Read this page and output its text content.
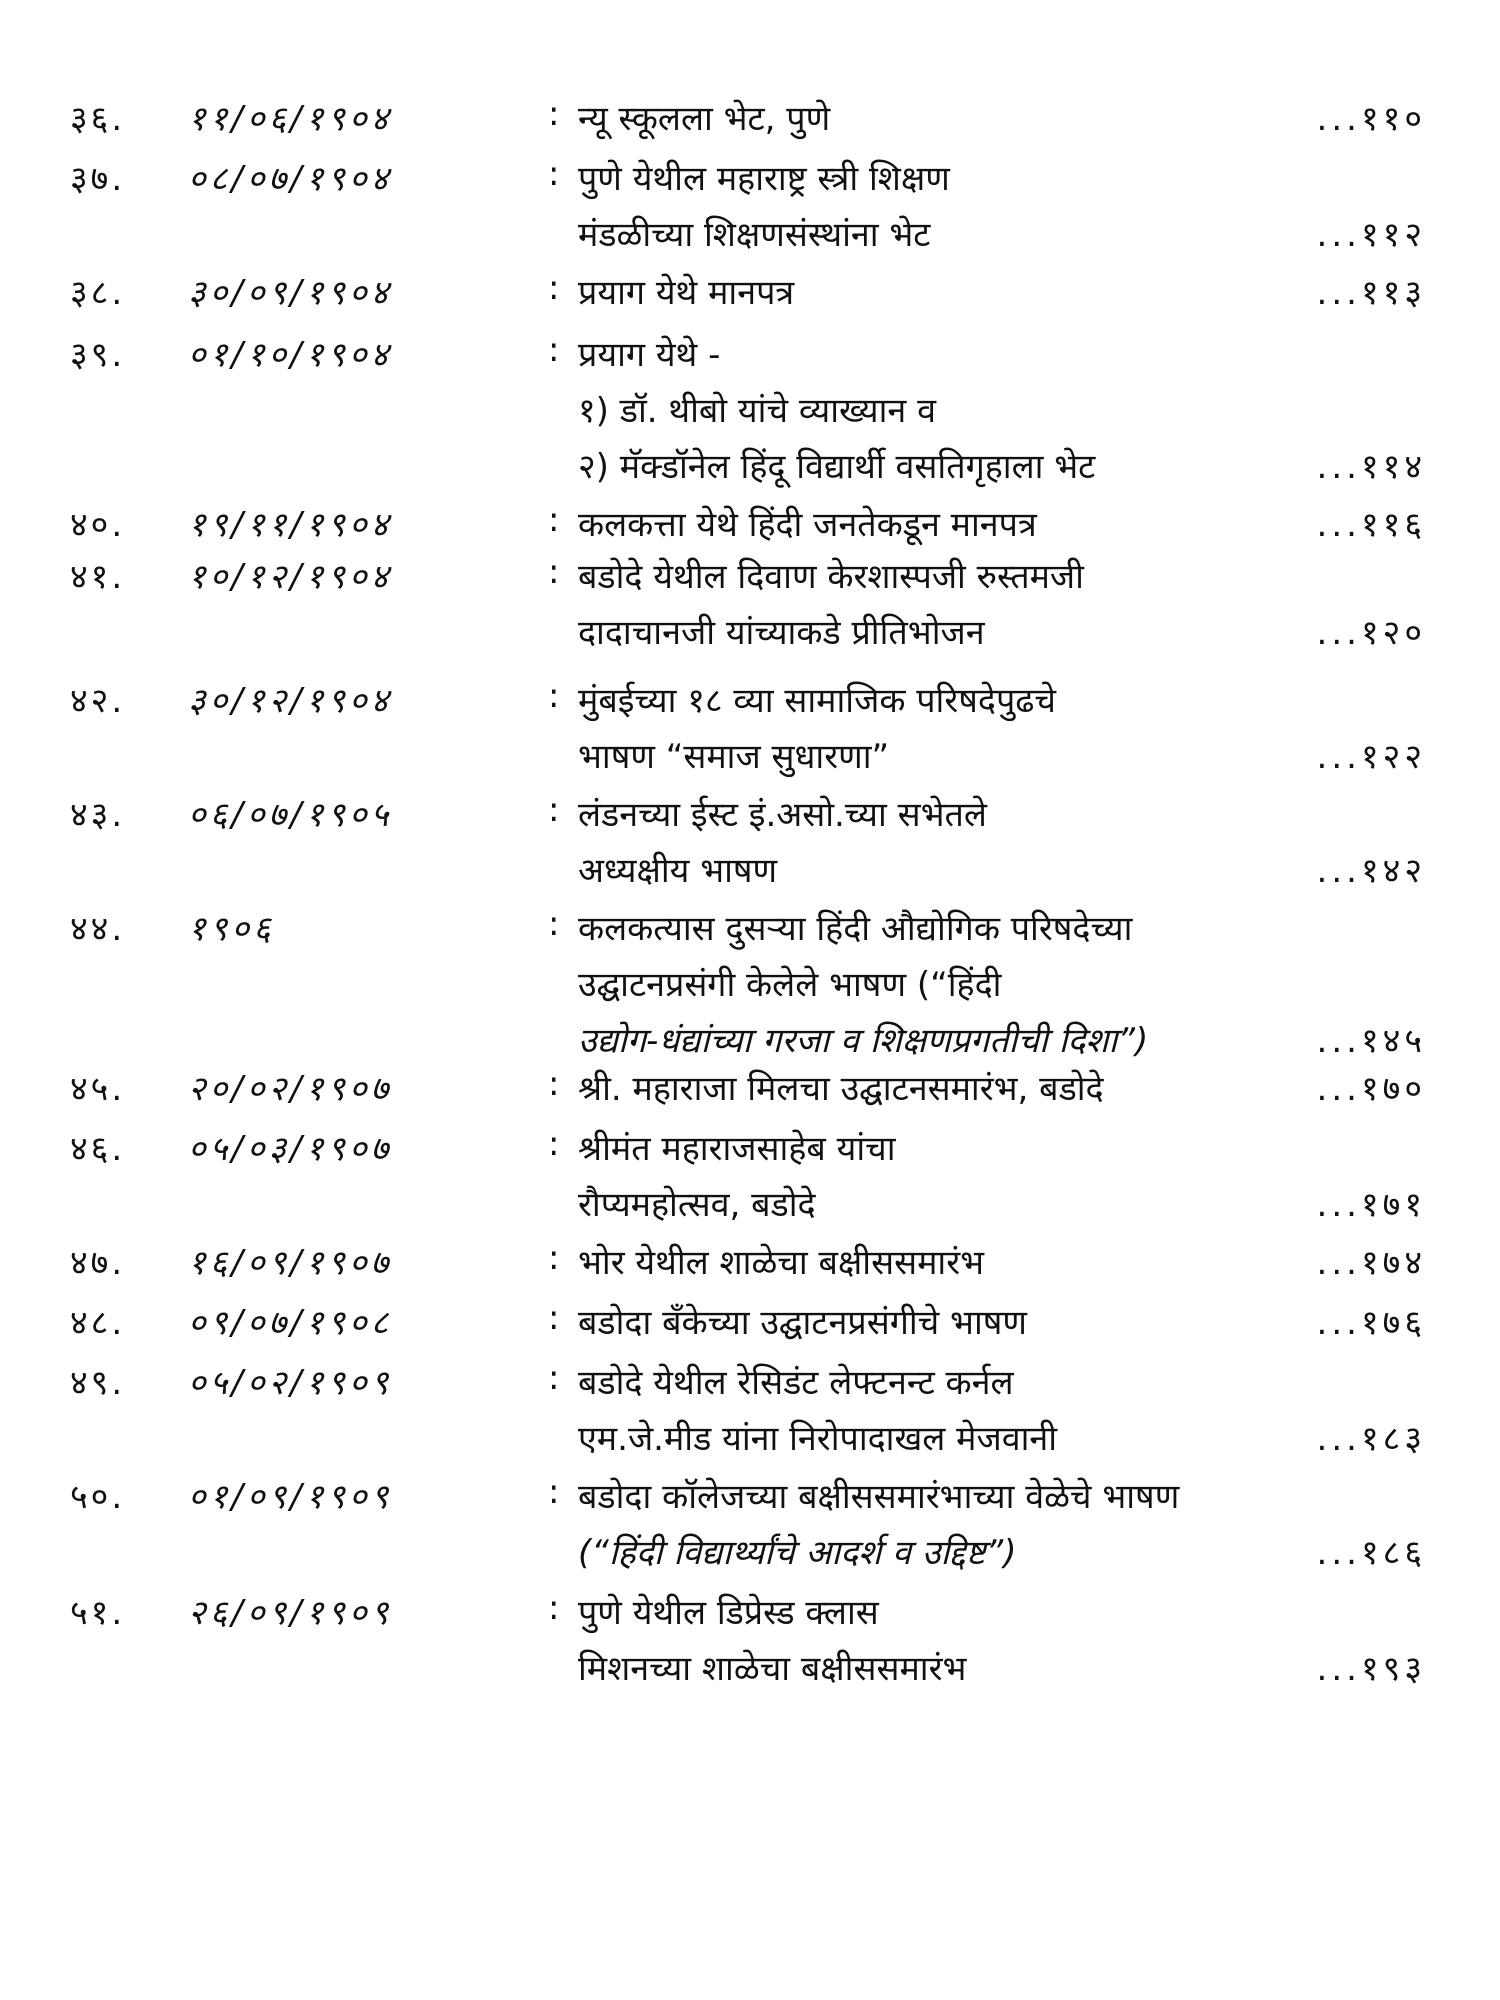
३६. ११/०६/१९०४	: न्यू स्कूलला भेट, पुणे	...११०
३७. ०८/०७/१९०४	: पुणे येथील महाराष्ट्र स्त्री शिक्षण
मंडळीच्या शिक्षणसंस्थांना भेट	...११२
३८. ३०/०९/१९०४	: प्रयाग येथे मानपत्र	...११३
३९. ०१/१०/१९०४	: प्रयाग येथे -
१) डॉ. थीबो यांचे व्याख्यान व
२) मॅक्डॉनेल हिंदू विद्यार्थी वसतिगृहाला भेट	...११४
४०. १९/११/१९०४	: कलकत्ता येथे हिंदी जनतेकडून मानपत्र	...११६
४१. १०/१२/१९०४	: बडोदे येथील दिवाण केरशास्पजी रुस्तमजी
दादाचानजी यांच्याकडे प्रीतिभोजन	...१२०
४२. ३०/१२/१९०४	: मुंबईच्या १८ व्या सामाजिक परिषदेपुढचे
भाषण “समाज सुधारणा”	...१२२
४३. ०६/०७/१९०५	: लंडनच्या ईस्ट इं.असो.च्या सभेतले
अध्यक्षीय भाषण	...१४२
४४. १९०६	: कलकत्यास दुसऱ्या हिंदी औद्योगिक परिषदेच्या
उद्घाटनप्रसंगी केलेले भाषण (“हिंदी
उद्योग-धंद्यांच्या गरजा व शिक्षणप्रगतीची दिशा”)	...१४५
४५. २०/०२/१९०७	: श्री. महाराजा मिलचा उद्घाटनसमारंभ, बडोदे	...१७०
४६. ०५/०३/१९०७	: श्रीमंत महाराजसाहेब यांचा
रौप्यमहोत्सव, बडोदे	...१७१
४७. १६/०९/१९०७	: भोर येथील शाळेचा बक्षीससमारंभ	...१७४
४८. ०९/०७/१९०८	: बडोदा बँकेच्या उद्घाटनप्रसंगीचे भाषण	...१७६
४९. ०५/०२/१९०९	: बडोदे येथील रेसिडंट लेफ्टनन्ट कर्नल
एम.जे.मीड यांना निरोपादाखल मेजवानी	...१८३
५०. ०१/०९/१९०९	: बडोदा कॉलेजच्या बक्षीससमारंभाच्या वेळेचे भाषण
(“हिंदी विद्यार्थ्यांचे आदर्श व उद्दिष्ट”)	...१८६
५१. २६/०९/१९०९	: पुणे येथील डिप्रेस्ड क्लास
मिशनच्या शाळेचा बक्षीससमारंभ	...१९३
